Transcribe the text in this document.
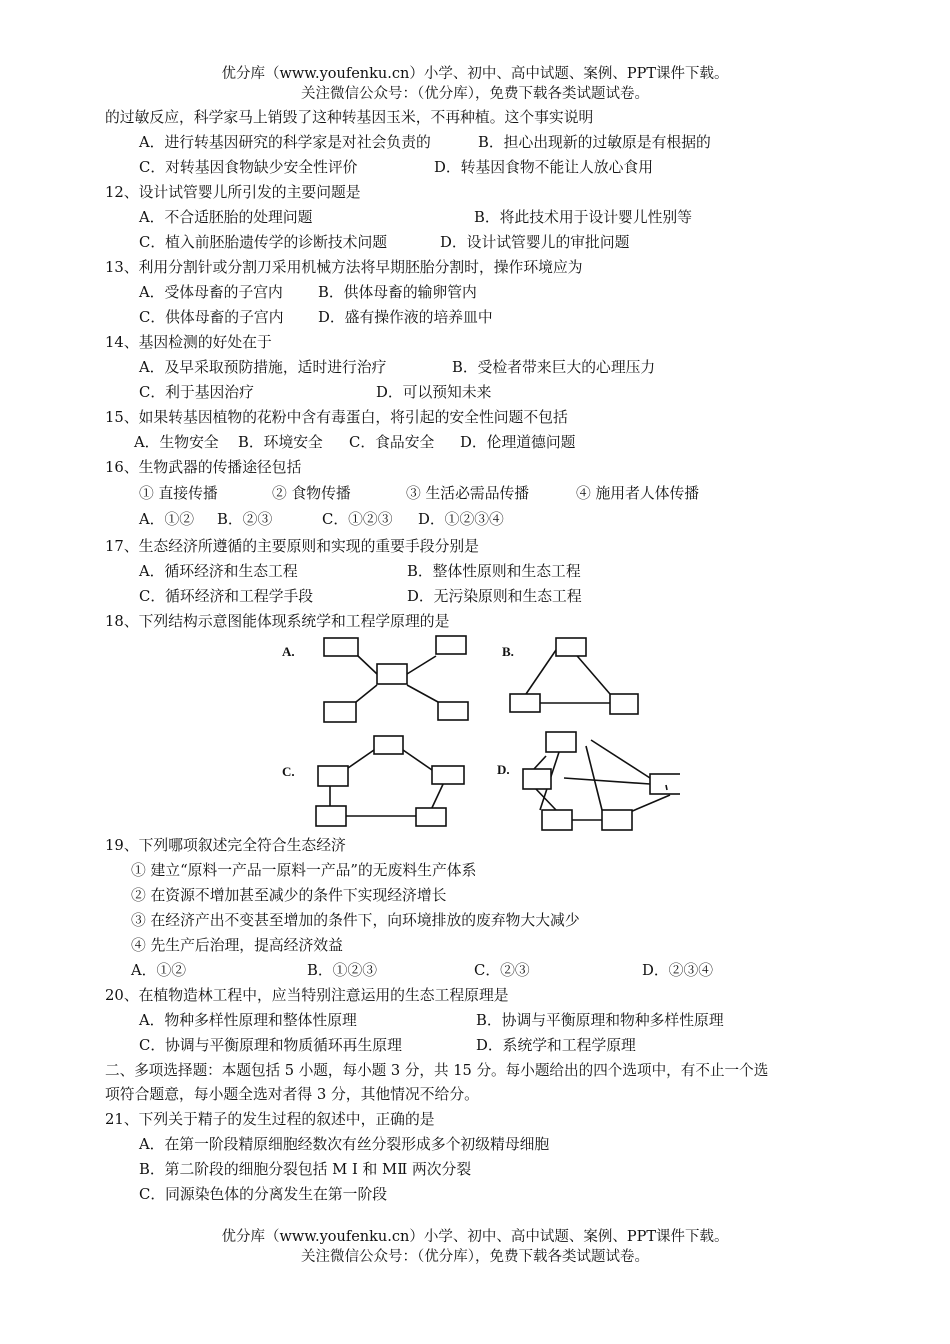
优分库（www.youfenku.cn）小学、初中、高中试题、案例、PPT课件下载。
关注微信公众号：（优分库），免费下载各类试题试卷。
的过敏反应，科学家马上销毁了这种转基因玉米，不再种植。这个事实说明
A．进行转基因研究的科学家是对社会负责的	B．担心出现新的过敏原是有根据的
C．对转基因食物缺少安全性评价	D．转基因食物不能让人放心食用
12、设计试管婴儿所引发的主要问题是
A．不合适胚胎的处理问题	B．将此技术用于设计婴儿性别等
C．植入前胚胎遗传学的诊断技术问题	D．设计试管婴儿的审批问题
13、利用分割针或分割刀采用机械方法将早期胚胎分割时，操作环境应为
A．受体母畜的子宫内 B．供体母畜的输卵管内
C．供体母畜的子宫内 D．盛有操作液的培养皿中
14、基因检测的好处在于
A．及早采取预防措施，适时进行治疗	B．受检者带来巨大的心理压力
C．利于基因治疗	D．可以预知未来
15、如果转基因植物的花粉中含有毒蛋白，将引起的安全性问题不包括
A．生物安全 B．环境安全 C．食品安全 D．伦理道德问题
16、生物武器的传播途径包括
① 直接传播	② 食物传播	③ 生活必需品传播	④ 施用者人体传播
A．①② B．②③	C．①②③ D．①②③④
17、生态经济所遵循的主要原则和实现的重要手段分别是
A．循环经济和生态工程	B．整体性原则和生态工程
C．循环经济和工程学手段	D．无污染原则和生态工程
18、下列结构示意图能体现系统学和工程学原理的是
A.	B.
C.	D.
19、下列哪项叙述完全符合生态经济
① 建立“原料一产品一原料一产品”的无废料生产体系
② 在资源不增加甚至减少的条件下实现经济增长
③ 在经济产出不变甚至增加的条件下，向环境排放的废弃物大大减少
④ 先生产后治理，提高经济效益
A．①②	B．①②③	C．②③	D．②③④
20、在植物造林工程中，应当特别注意运用的生态工程原理是
A．物种多样性原理和整体性原理	B．协调与平衡原理和物种多样性原理
C．协调与平衡原理和物质循环再生原理	D．系统学和工程学原理
二、多项选择题：本题包括 5 小题，每小题 3 分，共 15 分。每小题给出的四个选项中，有不止一个选
项符合题意，每小题全选对者得 3 分，其他情况不给分。
21、下列关于精子的发生过程的叙述中，正确的是
A．在第一阶段精原细胞经数次有丝分裂形成多个初级精母细胞
B．第二阶段的细胞分裂包括 M I 和 MⅡ 两次分裂
C．同源染色体的分离发生在第一阶段
优分库（www.youfenku.cn）小学、初中、高中试题、案例、PPT课件下载。
关注微信公众号：（优分库），免费下载各类试题试卷。
